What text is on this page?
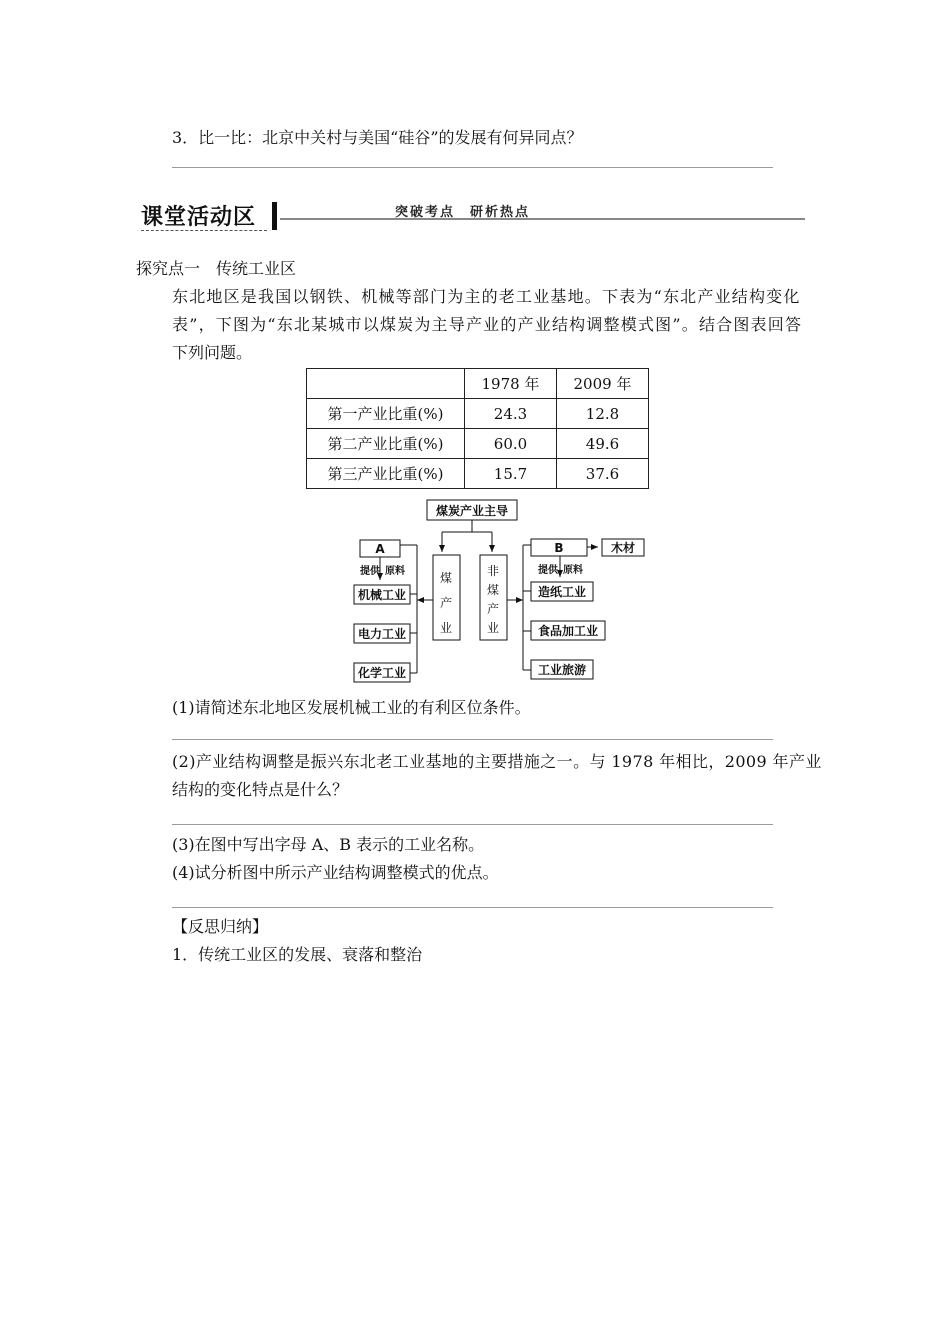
3．比一比：北京中关村与美国“硅谷”的发展有何异同点？
课堂活动区	突破考点　研析热点
探究点一　传统工业区
东北地区是我国以钢铁、机械等部门为主的老工业基地。下表为“东北产业结构变化
表”，下图为“东北某城市以煤炭为主导产业的产业结构调整模式图”。结合图表回答
下列问题。
	1978 年	2009 年
第一产业比重(%)	24.3	12.8
第二产业比重(%)	60.0	49.6
第三产业比重(%)	15.7	37.6
煤炭产业主导
A	B	木材
机械工业
电力工业
化学工业
造纸工业
食品加工业
工业旅游
提供 原料	提供 原料
煤
产
业
非
煤
产
业
(1)请简述东北地区发展机械工业的有利区位条件。
(2)产业结构调整是振兴东北老工业基地的主要措施之一。与 1978 年相比，2009 年产业
结构的变化特点是什么？
(3)在图中写出字母 A、B 表示的工业名称。
(4)试分析图中所示产业结构调整模式的优点。
【反思归纳】
1．传统工业区的发展、衰落和整治
